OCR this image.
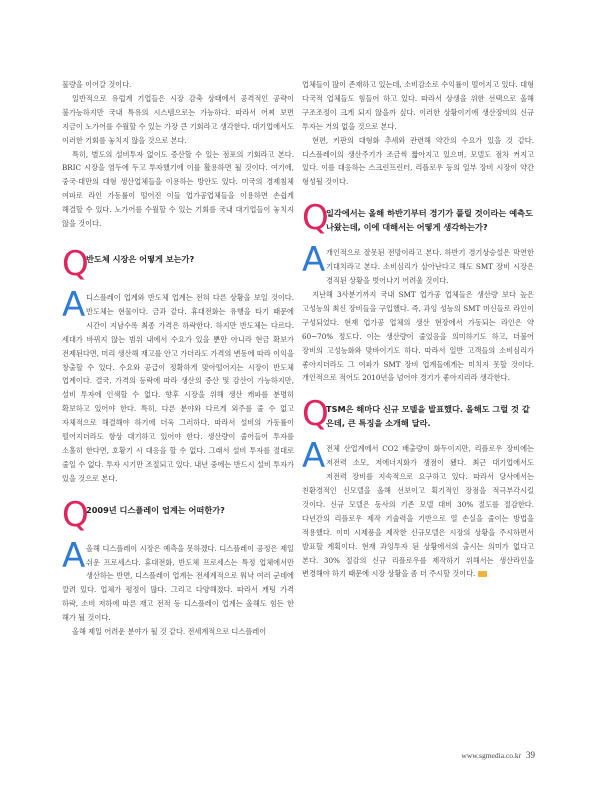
물량을 이어갈 것이다.

일반적으로 유럽계 기업들은 시장 감축 상태에서 공격적인 공략이 불가능하지만 국내 특유의 시스템으로는 가능하다. 따라서 어찌 보면 지금이 노가어를 수월할 수 있는 가장 큰 기회라고 생각한다. 대기업에서도 이러한 기회를 놓치지 않을 것으로 본다.

특히, 별도의 설비투자 없이도 증산할 수 있는 점포의 기회라고 본다. BRIC 시장을 염두에 두고 투자했기에 이를 활용하면 될 것이다. 여기에, 중국·대만의 대형 생산업체들을 이용하는 방안도 있다. 미국의 경제침체 여파로 라인 가동률이 떨어진 이들 업가공업체들을 이용하면 손쉽게 해결할 수 있다. 노가어를 수월할 수 있는 기회를 국내 대기업들이 놓치지 않을 것이다.

Q
반도체 시장은 어떻게 보는가?
A 디스플레이 업계와 반도체 업계는 전혀 다른 상황을 보일 것이다. 반도체는 현물이다. 금과 같다. 휴대전화는 유행을 타기 때문에 시간이 지남수록 최종 가격은 하락한다. 하지만 반도체는 다르다. 세대가 바뀌지 않는 범위 내에서 수요가 있을 뿐만 아니라 현금 확보가 전제된다면, 미리 생산해 재고를 안고 가더라도 가격의 변동에 따라 이익을 창출할 수 있다. 수요와 공급이 정확하게 맞아떨어지는 시장이 반도체 업계이다. 결국, 가격의 등락에 따라 생산의 증산 및 감산이 가능하지만, 설비 투자에 인색할 수 없다. 향후 시장을 위해 생산 캐파를 분명히 확보하고 있어야 한다. 특히, 다른 분야와 다르게 외주를 줄 수 없고 자체적으로 해결해야 하기에 더욱 그러하다. 따라서 설비의 가동률이 떨어지더라도 항상 대기하고 있어야 한다. 생산량이 줄어들어 투자를 소홀히 한다면, 호황기 시 대응을 할 수 없다. 그래서 설비 투자를 절대로 줄일 수 없다. 투자 시기만 조절되고 있다. 내년 중에는 반드시 설비 투자가 있을 것으로 본다.

Q
2009년 디스플레이 업계는 어떠한가?
A 올해 디스플레이 시장은 예측을 못하겠다. 디스플레이 공정은 제일 쉬운 프로세스다. 휴대전화, 반도체 프로세스는 특정 업체에서만 생산하는 반면, 디스플레이 업계는 전세계적으로 워낙 여러 군데에 깔려 있다. 업체가 평정이 많다. 그리고 다양해졌다. 따라서 캐팅 가격 하락, 소비 저하에 따른 재고 전적 등 디스플레이 업계는 올해도 힘든 한 해가 될 것이다.

올해 제일 어려운 분야가 될 것 같다. 전세계적으로 디스플레이

업체들이 많이 존재하고 있는데, 소비감소로 수익률이 떨어지고 있다. 대형 다국적 업체들도 힘들어 하고 있다. 따라서 상생을 위한 선택으로 올해 구조조정이 크게 되지 않을까 싶다. 이러한 상황이기에 생산장비의 신규 투자는 거의 없을 것으로 본다.

현편, 키판의 대형화 추세와 관련해 약간의 수요가 있을 것 같다. 디스플레이의 생산주기가 조금씩 짧아지고 있으며, 모델도 점차 커지고 있다. 이를 대응하는 스크린프린터, 리플로우 등의 일부 장비 시장이 약간 형성될 것이다.

Q
일각에서는 올해 하반기부터 경기가 풀릴 것이라는 예측도 나왔는데, 이에 대해서는 어떻게 생각하는가?
A 개인적으로 잘못된 전망이라고 본다. 하반기 경기상승설은 막연한 기대치라고 본다. 소비심리가 살아난다고 해도 SMT 장비 시장은 경직된 상황을 벗어나기 어려울 것이다.

지난해 3사분기까지 국내 SMT 업가공 업체들은 생산량 보다 높은 고성능의 최신 장비들을 구입했다. 즉, 과잉 성능의 SMT 머신들로 라인이 구성되었다. 현재 업가공 업체의 생산 현장에서 가동되는 라인은 약 60~70% 정도다. 이는 생산량이 줄었음을 의미하기도 하고, 더불어 장비의 고성능화와 맞바이기도 하다. 따라서 일반 고객들의 소비심리가 좋아지더라도 그 여파가 SMT 장비 업계들에게는 미치지 못할 것이다. 개인적으로 적어도 2010년을 넘어야 경기가 좋아지리라 생각한다.

Q
TSM은 해마다 신규 모델을 발표했다. 올해도 그럴 것 같은데, 큰 특징을 소개해 달라.
A 전체 산업계에서 CO2 배출량이 화두이지만, 리플로우 장비에는 저전력 소모, 저에너지화가 쟁점이 됐다. 최근 대기업에서도 저전력 장비를 지속적으로 요구하고 있다. 따라서 당사에서는 친환경적인 신모델을 올해 선보이고 획기적인 장점을 적극부각시킬 것이다. 신규 모델은 동사의 기존 모델 대비 30% 절도를 절감한다. 다년간의 리플로우 제작 기술력을 기반으로 열 손실을 줄이는 방법을 적용했다. 이미 시제품을 제작한 신규모델은 시장의 상황을 주시하면서 발표할 계획이다. 현재 과잉투자 된 상황에서의 출시는 의미가 없다고 본다. 30% 절감의 신규 리플로우를 제작하기 위해서는 생산라인을 변경해야 하기 때문에 시장 상황을 좀 더 주시할 것이다.

www.sgmedia.co.kr 39
